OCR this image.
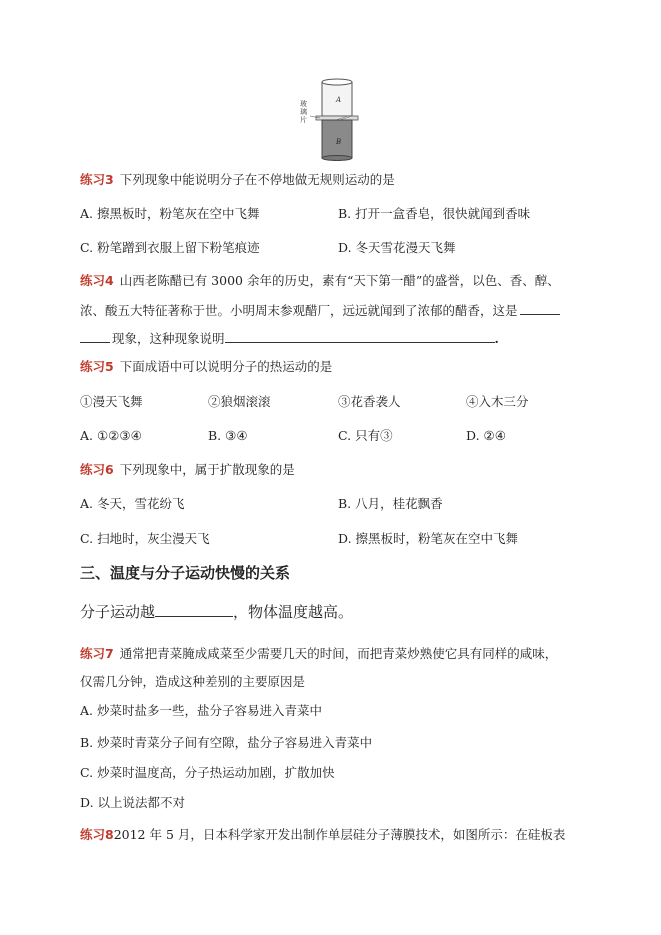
A
B
玻璃片
练习3 下列现象中能说明分子在不停地做无规则运动的是
A. 擦黑板时，粉笔灰在空中飞舞	B. 打开一盒香皂，很快就闻到香味
C. 粉笔蹭到衣服上留下粉笔痕迹	D. 冬天雪花漫天飞舞
练习4 山西老陈醋已有 3000 余年的历史，素有“天下第一醋”的盛誉，以色、香、醇、
浓、酸五大特征著称于世。小明周末参观醋厂，远远就闻到了浓郁的醋香，这是
现象，这种现象说明	.
练习5 下面成语中可以说明分子的热运动的是
①漫天飞舞	②狼烟滚滚	③花香袭人	④入木三分
A. ①②③④	B. ③④	C. 只有③	D. ②④
练习6 下列现象中，属于扩散现象的是
A. 冬天，雪花纷飞	B. 八月，桂花飘香
C. 扫地时，灰尘漫天飞	D. 擦黑板时，粉笔灰在空中飞舞
三、温度与分子运动快慢的关系
分子运动越	，物体温度越高。
练习7 通常把青菜腌成咸菜至少需要几天的时间，而把青菜炒熟使它具有同样的咸味，
仅需几分钟，造成这种差别的主要原因是
A. 炒菜时盐多一些，盐分子容易进入青菜中
B. 炒菜时青菜分子间有空隙，盐分子容易进入青菜中
C. 炒菜时温度高，分子热运动加剧，扩散加快
D. 以上说法都不对
练习82012 年 5 月，日本科学家开发出制作单层硅分子薄膜技术，如图所示：在硅板表
